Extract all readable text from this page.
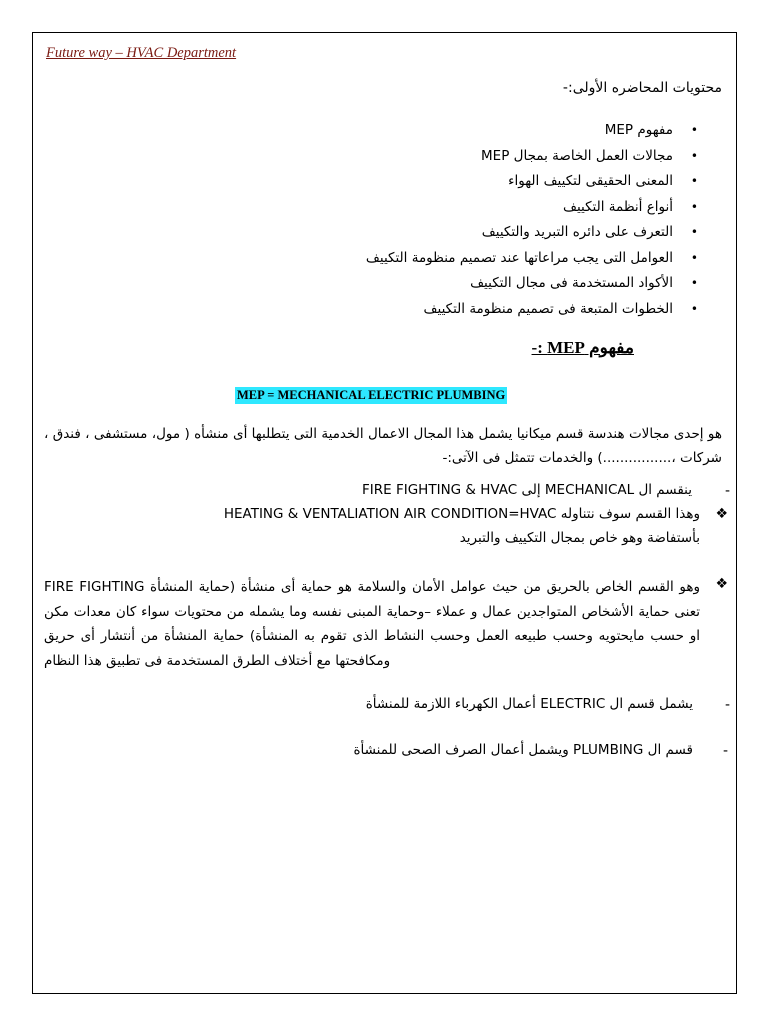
Future way – HVAC Department
محتويات المحاضره الأولى:-
•
مفهوم MEP
•
مجالات العمل الخاصة بمجال MEP
•
المعنى الحقيقى لتكييف الهواء
•
أنواع أنظمة التكييف
•
التعرف على دائره التبريد والتكييف
•
العوامل التى يجب مراعاتها عند تصميم منظومة التكييف
•
الأكواد المستخدمة فى مجال التكييف
•
الخطوات المتبعة فى تصميم منظومة التكييف
مفهوم MEP :-
MEP = MECHANICAL ELECTRIC PLUMBING
هو إحدى مجالات هندسة قسم ميكانيا يشمل هذا المجال الاعمال الخدمية التى يتطلبها أى منشأه ( مول، مستشفى ، فندق ، شركات ،................) والخدمات تتمثل فى الآتى:-
-
ينقسم ال MECHANICAL إلى FIRE FIGHTING & HVAC
❖
HEATING & VENTALIATION AIR CONDITION=HVAC وهذا القسم سوف نتناوله
بأستفاضة وهو خاص بمجال التكييف والتبريد
❖
FIRE FIGHTING وهو القسم الخاص بالحريق من حيث عوامل الأمان والسلامة هو حماية أى منشأة (حماية المنشأة تعنى حماية الأشخاص المتواجدين عمال و عملاء –وحماية المبنى نفسه وما يشمله من محتويات سواء كان معدات مكن او حسب مايحتويه وحسب طبيعه العمل وحسب النشاط الذى تقوم به المنشأة) حماية المنشأة من أنتشار أى حريق ومكافحتها مع أختلاف الطرق المستخدمة فى تطبيق هذا النظام
-
يشمل قسم ال ELECTRIC أعمال الكهرباء اللازمة للمنشأة
-
قسم ال PLUMBING ويشمل أعمال الصرف الصحى للمنشأة
